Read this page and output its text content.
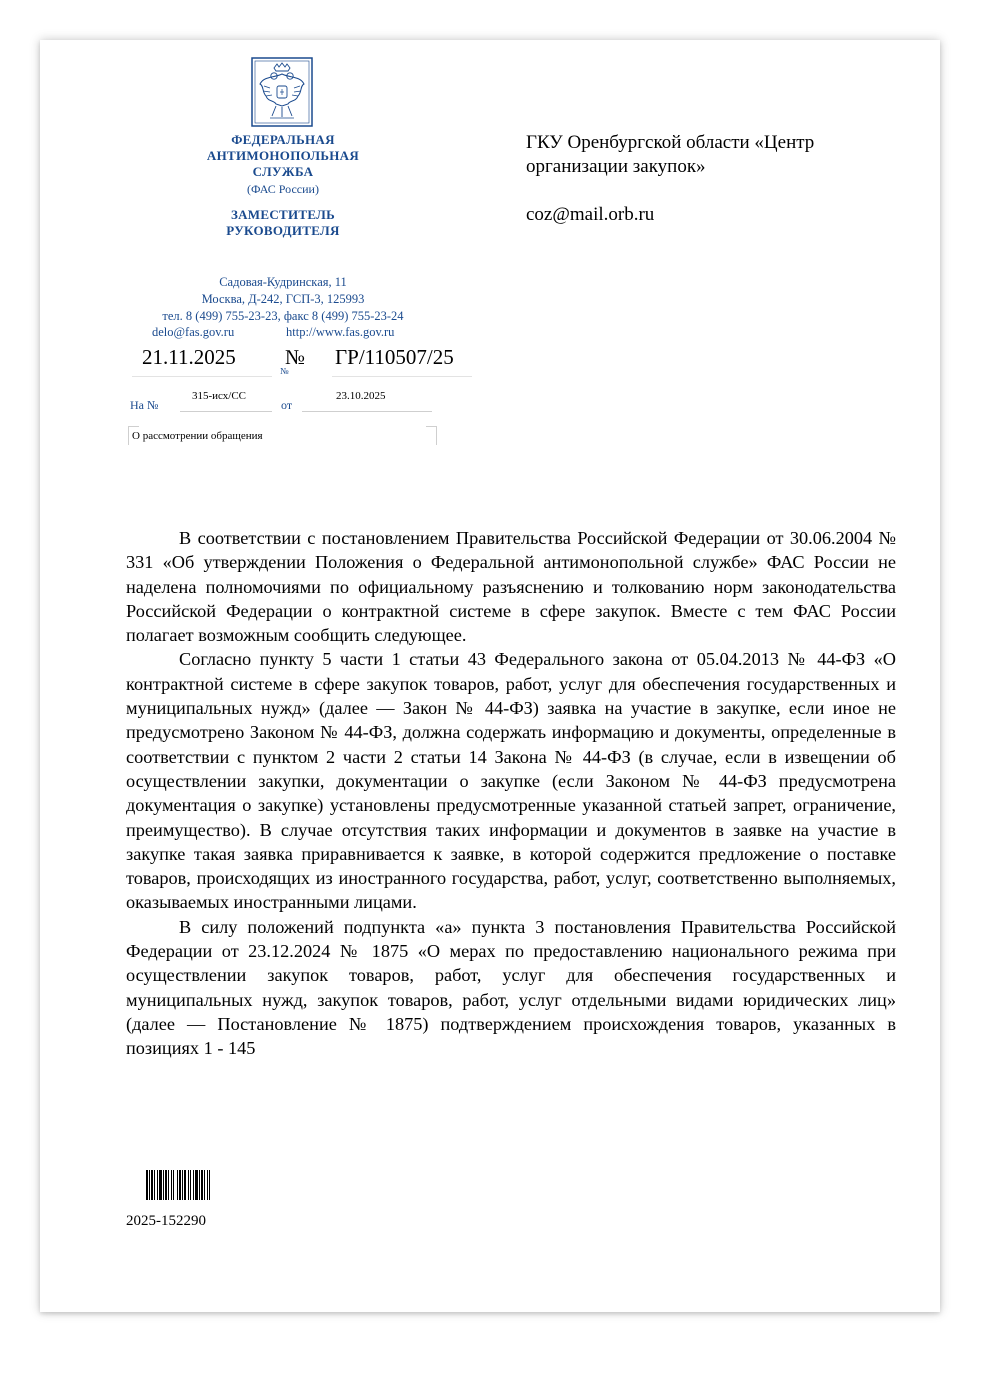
ФЕДЕРАЛЬНАЯ
АНТИМОНОПОЛЬНАЯ
СЛУЖБА
(ФАС России)
ЗАМЕСТИТЕЛЬ
РУКОВОДИТЕЛЯ
Садовая-Кудринская, 11
Москва, Д-242, ГСП-3, 125993
тел. 8 (499) 755-23-23, факс 8 (499) 755-23-24
delo@fas.gov.ru	http://www.fas.gov.ru
21.11.2025 №
№
ГР/110507/25
На №
315-исх/СС
от
23.10.2025
О рассмотрении обращения
ГКУ Оренбургской области «Центр организации закупок»
coz@mail.orb.ru

В соответствии с постановлением Правительства Российской Федерации от 30.06.2004 № 331 «Об утверждении Положения о Федеральной антимонопольной службе» ФАС России не наделена полномочиями по официальному разъяснению и толкованию норм законодательства Российской Федерации о контрактной системе в сфере закупок. Вместе с тем ФАС России полагает возможным сообщить следующее.

Согласно пункту 5 части 1 статьи 43 Федерального закона от 05.04.2013 № 44-ФЗ «О контрактной системе в сфере закупок товаров, работ, услуг для обеспечения государственных и муниципальных нужд» (далее — Закон № 44-ФЗ) заявка на участие в закупке, если иное не предусмотрено Законом № 44-ФЗ, должна содержать информацию и документы, определенные в соответствии с пунктом 2 части 2 статьи 14 Закона № 44-ФЗ (в случае, если в извещении об осуществлении закупки, документации о закупке (если Законом № 44-ФЗ предусмотрена документация о закупке) установлены предусмотренные указанной статьей запрет, ограничение, преимущество). В случае отсутствия таких информации и документов в заявке на участие в закупке такая заявка приравнивается к заявке, в которой содержится предложение о поставке товаров, происходящих из иностранного государства, работ, услуг, соответственно выполняемых, оказываемых иностранными лицами.

В силу положений подпункта «а» пункта 3 постановления Правительства Российской Федерации от 23.12.2024 № 1875 «О мерах по предоставлению национального режима при осуществлении закупок товаров, работ, услуг для обеспечения государственных и муниципальных нужд, закупок товаров, работ, услуг отдельными видами юридических лиц» (далее — Постановление № 1875) подтверждением происхождения товаров, указанных в позициях 1 - 145

2025-152290
